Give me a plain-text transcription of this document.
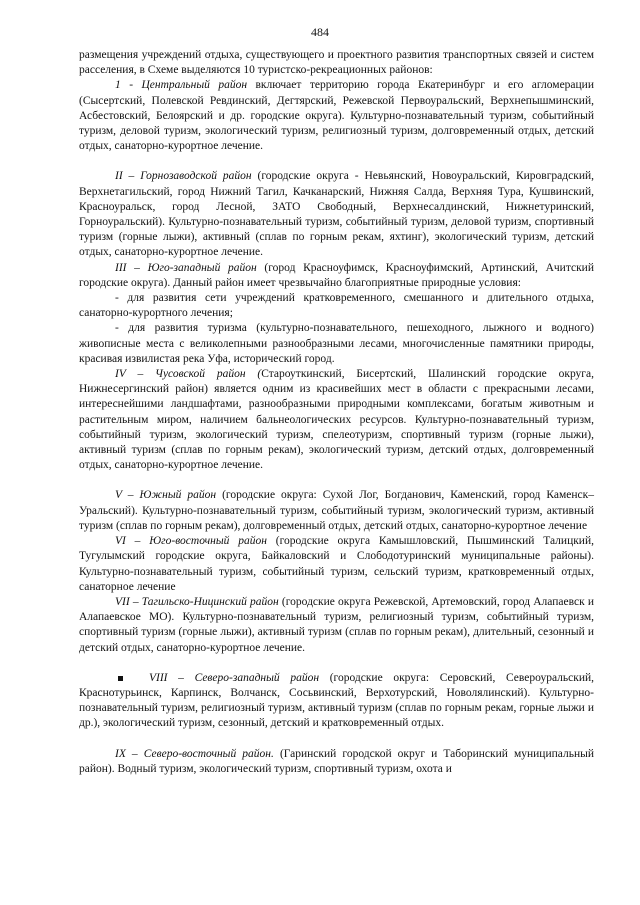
484

размещения учреждений отдыха, существующего и проектного развития транспортных связей и систем расселения, в Схеме выделяются 10 туристско-рекреационных районов:

1 - Центральный район включает территорию города Екатеринбург и его агломерации (Сысертский, Полевской Ревдинский, Дегтярский, Режевской Первоуральский, Верхнепышминский, Асбестовский, Белоярский и др. городские округа). Культурно-познавательный туризм, событийный туризм, деловой туризм, экологический туризм, религиозный туризм, долговременный отдых, детский отдых, санаторно-курортное лечение.

II – Горнозаводской район (городские округа - Невьянский, Новоуральский, Кировградский, Верхнетагильский, город Нижний Тагил, Качканарский, Нижняя Салда, Верхняя Тура, Кушвинский, Красноуральск, город Лесной, ЗАТО Свободный, Верхнесалдинский, Нижнетуринский, Горноуральский). Культурно-познавательный туризм, событийный туризм, деловой туризм, спортивный туризм (горные лыжи), активный (сплав по горным рекам, яхтинг), экологический туризм, детский отдых, санаторно-курортное лечение.

III – Юго-западный район (город Красноуфимск, Красноуфимский, Артинский, Ачитский городские округа). Данный район имеет чрезвычайно благоприятные природные условия:

- для развития сети учреждений кратковременного, смешанного и длительного отдыха, санаторно-курортного лечения;

- для развития туризма (культурно-познавательного, пешеходного, лыжного и водного) живописные места с великолепными разнообразными лесами, многочисленные памятники природы, красивая извилистая река Уфа, исторический город.

IV – Чусовской район (Староуткинский, Бисертский, Шалинский городские округа, Нижнесергинский район) является одним из красивейших мест в области с прекрасными лесами, интереснейшими ландшафтами, разнообразными природными комплексами, богатым животным и растительным миром, наличием бальнеологических ресурсов. Культурно-познавательный туризм, событийный туризм, экологический туризм, спелеотуризм, спортивный туризм (горные лыжи), активный туризм (сплав по горным рекам), экологический туризм, детский отдых, долговременный отдых, санаторно-курортное лечение.

V – Южный район (городские округа: Сухой Лог, Богданович, Каменский, город Каменск–Уральский). Культурно-познавательный туризм, событийный туризм, экологический туризм, активный туризм (сплав по горным рекам), долговременный отдых, детский отдых, санаторно-курортное лечение

VI – Юго-восточный район (городские округа Камышловский, Пышминский Талицкий, Тугулымский городские округа, Байкаловский и Слободотуринский муниципальные районы). Культурно-познавательный туризм, событийный туризм, сельский туризм, кратковременный отдых, санаторное лечение

VII – Тагильско-Ницинский район (городские округа Режевской, Артемовский, город Алапаевск и Алапаевское МО). Культурно-познавательный туризм, религиозный туризм, событийный туризм, спортивный туризм (горные лыжи), активный туризм (сплав по горным рекам), длительный, сезонный и детский отдых, санаторно-курортное лечение.

VIII – Северо-западный район (городские округа: Серовский, Североуральский, Краснотурьинск, Карпинск, Волчанск, Сосьвинский, Верхотурский, Новолялинский). Культурно-познавательный туризм, религиозный туризм, активный туризм (сплав по горным рекам, горные лыжи и др.), экологический туризм, сезонный, детский и кратковременный отдых.

IX – Северо-восточный район. (Гаринский городской округ и Таборинский муниципальный район). Водный туризм, экологический туризм, спортивный туризм, охота и
